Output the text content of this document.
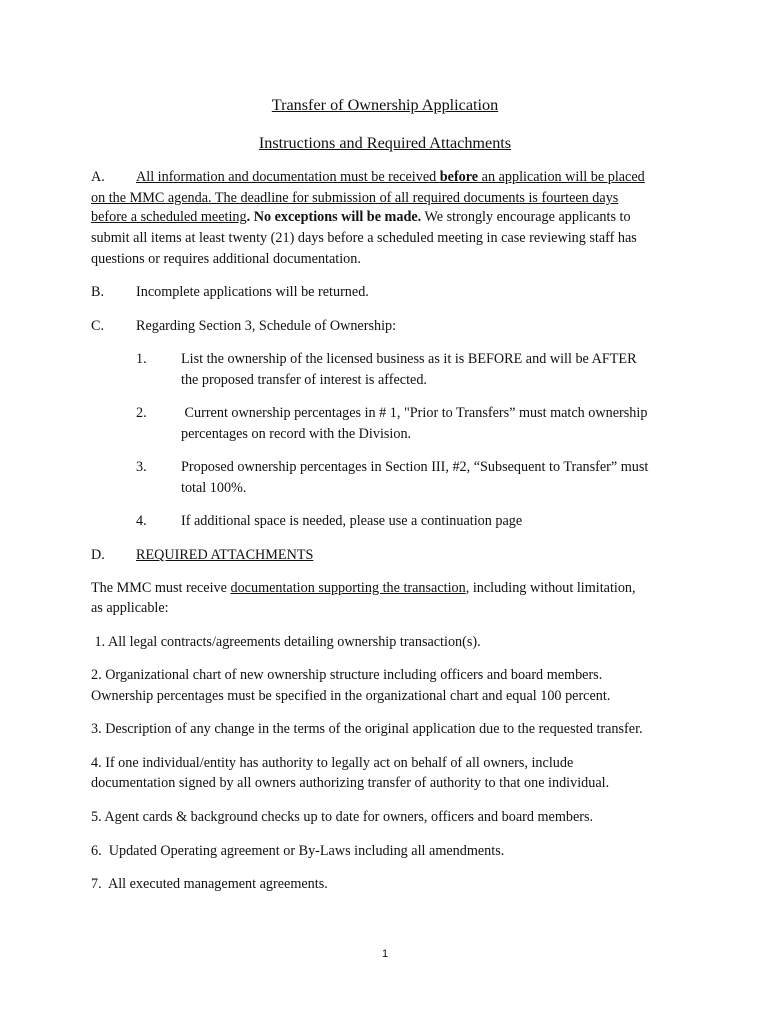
Transfer of Ownership Application
Instructions and Required Attachments
A. All information and documentation must be received before an application will be placed
on the MMC agenda. The deadline for submission of all required documents is fourteen days
before a scheduled meeting. No exceptions will be made. We strongly encourage applicants to
submit all items at least twenty (21) days before a scheduled meeting in case reviewing staff has
questions or requires additional documentation.
B. Incomplete applications will be returned.
C. Regarding Section 3, Schedule of Ownership:
1. List the ownership of the licensed business as it is BEFORE and will be AFTER
the proposed transfer of interest is affected.
2. Current ownership percentages in # 1, "Prior to Transfers” must match ownership
percentages on record with the Division.
3. Proposed ownership percentages in Section III, #2, “Subsequent to Transfer” must
total 100%.
4. If additional space is needed, please use a continuation page
D. REQUIRED ATTACHMENTS
The MMC must receive documentation supporting the transaction, including without limitation,
as applicable:
1. All legal contracts/agreements detailing ownership transaction(s).
2. Organizational chart of new ownership structure including officers and board members.
Ownership percentages must be specified in the organizational chart and equal 100 percent.
3. Description of any change in the terms of the original application due to the requested transfer.
4. If one individual/entity has authority to legally act on behalf of all owners, include
documentation signed by all owners authorizing transfer of authority to that one individual.
5. Agent cards & background checks up to date for owners, officers and board members.
6.  Updated Operating agreement or By-Laws including all amendments.
7.  All executed management agreements.
1
